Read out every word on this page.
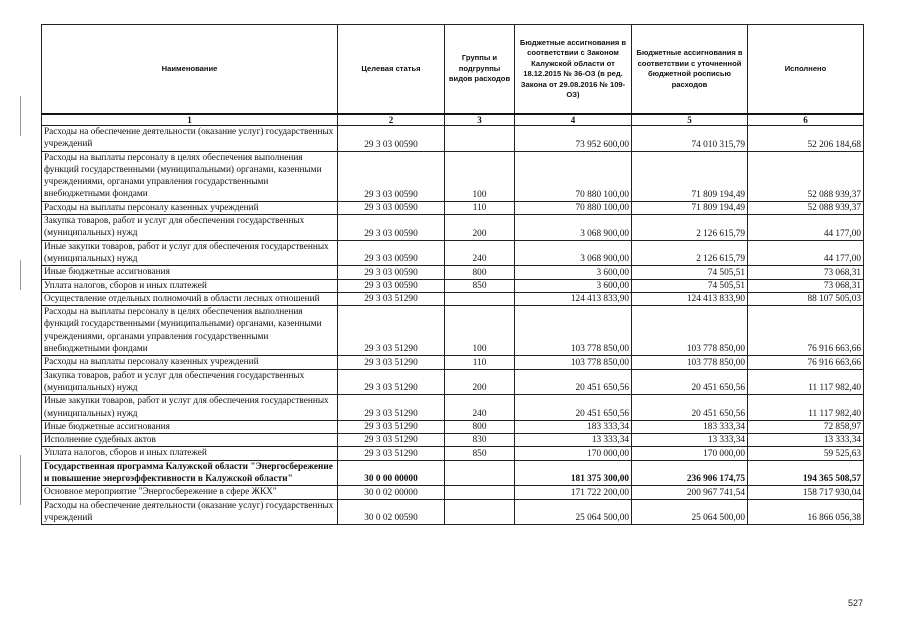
Наименование	Целевая статья	Группы и подгруппы видов расходов	Бюджетные ассигнования в соответствии с Законом Калужской области от 18.12.2015 № 36-ОЗ (в ред. Закона от 29.08.2016 № 109-ОЗ)	Бюджетные ассигнования в соответствии с уточненной бюджетной росписью расходов	Исполнено
1	2	3	4	5	6
Расходы на обеспечение деятельности (оказание услуг) государственных учреждений	29 3 03 00590		73 952 600,00	74 010 315,79	52 206 184,68
Расходы на выплаты персоналу в целях обеспечения выполнения функций государственными (муниципальными) органами, казенными учреждениями, органами управления государственными внебюджетными фондами	29 3 03 00590	100	70 880 100,00	71 809 194,49	52 088 939,37
Расходы на выплаты персоналу казенных учреждений	29 3 03 00590	110	70 880 100,00	71 809 194,49	52 088 939,37
Закупка товаров, работ и услуг для обеспечения государственных (муниципальных) нужд	29 3 03 00590	200	3 068 900,00	2 126 615,79	44 177,00
Иные закупки товаров, работ и услуг для обеспечения государственных (муниципальных) нужд	29 3 03 00590	240	3 068 900,00	2 126 615,79	44 177,00
Иные бюджетные ассигнования	29 3 03 00590	800	3 600,00	74 505,51	73 068,31
Уплата налогов, сборов и иных платежей	29 3 03 00590	850	3 600,00	74 505,51	73 068,31
Осуществление отдельных полномочий в области лесных отношений	29 3 03 51290		124 413 833,90	124 413 833,90	88 107 505,03
Расходы на выплаты персоналу в целях обеспечения выполнения функций государственными (муниципальными) органами, казенными учреждениями, органами управления государственными внебюджетными фондами	29 3 03 51290	100	103 778 850,00	103 778 850,00	76 916 663,66
Расходы на выплаты персоналу казенных учреждений	29 3 03 51290	110	103 778 850,00	103 778 850,00	76 916 663,66
Закупка товаров, работ и услуг для обеспечения государственных (муниципальных) нужд	29 3 03 51290	200	20 451 650,56	20 451 650,56	11 117 982,40
Иные закупки товаров, работ и услуг для обеспечения государственных (муниципальных) нужд	29 3 03 51290	240	20 451 650,56	20 451 650,56	11 117 982,40
Иные бюджетные ассигнования	29 3 03 51290	800	183 333,34	183 333,34	72 858,97
Исполнение судебных актов	29 3 03 51290	830	13 333,34	13 333,34	13 333,34
Уплата налогов, сборов и иных платежей	29 3 03 51290	850	170 000,00	170 000,00	59 525,63
Государственная программа Калужской области "Энергосбережение и повышение энергоэффективности в Калужской области"	30 0 00 00000		181 375 300,00	236 906 174,75	194 365 508,57
Основное мероприятие "Энергосбережение в сфере ЖКХ"	30 0 02 00000		171 722 200,00	200 967 741,54	158 717 930,04
Расходы на обеспечение деятельности (оказание услуг) государственных учреждений	30 0 02 00590		25 064 500,00	25 064 500,00	16 866 056,38
527
